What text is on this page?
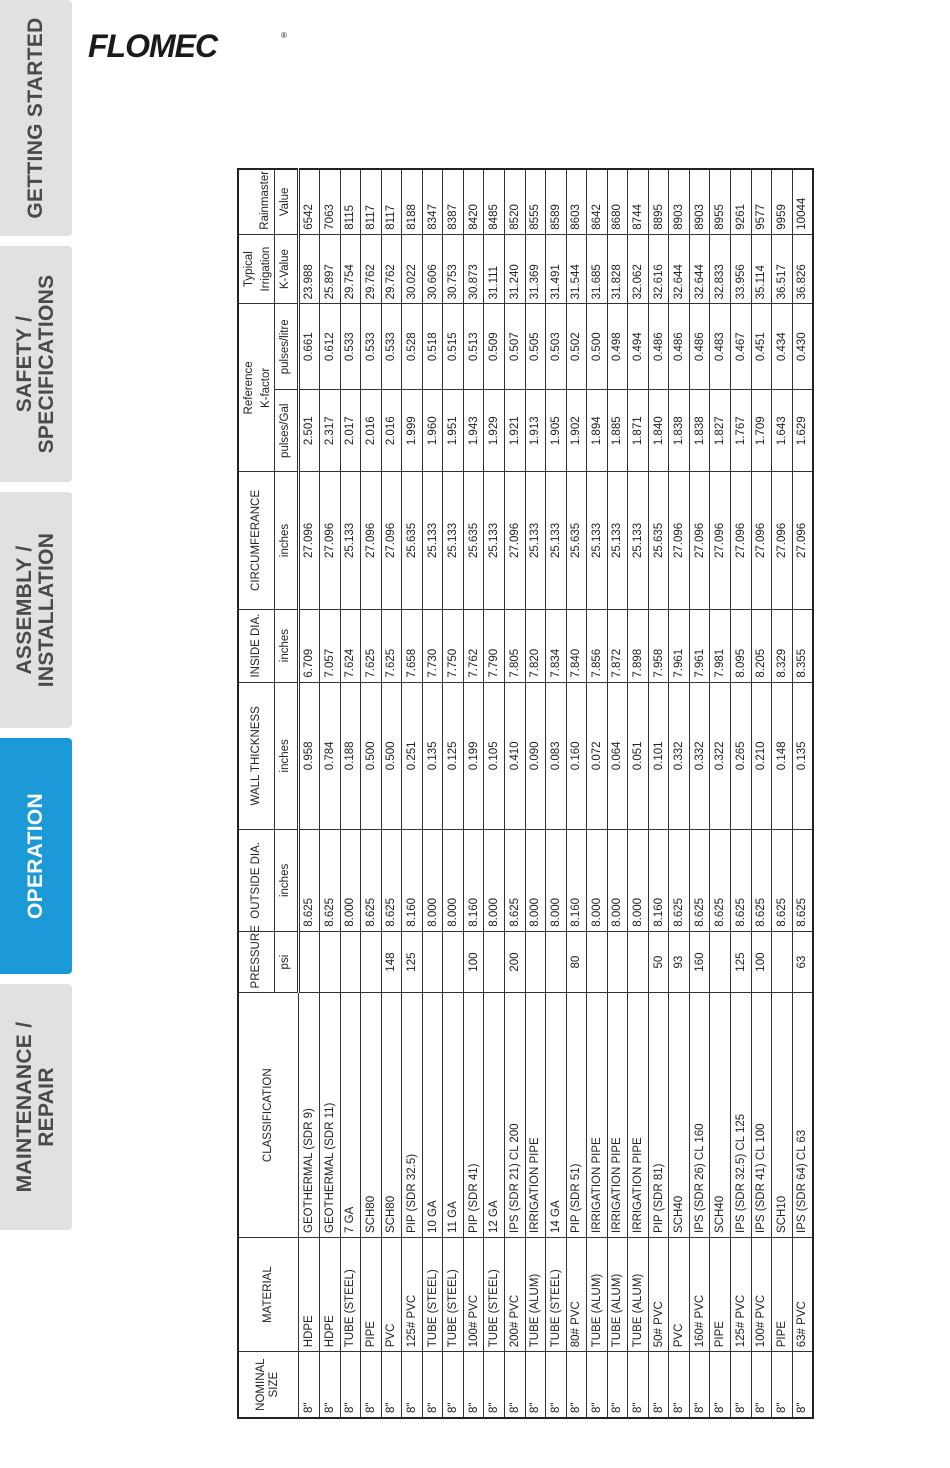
GETTING STARTED
SAFETY /
SPECIFICATIONS
ASSEMBLY /
INSTALLATION
OPERATION
MAINTENANCE /
REPAIR
FLOMEC	®
NOMINAL SIZE	MATERIAL	CLASSIFICATION	PRESSURE	OUTSIDE DIA.	WALL THICKNESS	INSIDE DIA.	CIRCUMFERANCE	Reference		Typical	Rainmaster
								K-factor		Irrigation	
			psi	inches	inches	inches	inches	pulses/Gal	pulses/litre	K-Value	Value
8"	HDPE	GEOTHERMAL (SDR 9)		8.625	0.958	6.709	27.096	2.501	0.661	23.988	6542
8"	HDPE	GEOTHERMAL (SDR 11)		8.625	0.784	7.057	27.096	2.317	0.612	25.897	7063
8"	TUBE (STEEL)	7 GA		8.000	0.188	7.624	25.133	2.017	0.533	29.754	8115
8"	PIPE	SCH80		8.625	0.500	7.625	27.096	2.016	0.533	29.762	8117
8"	PVC	SCH80	148	8.625	0.500	7.625	27.096	2.016	0.533	29.762	8117
8"	125# PVC	PIP (SDR 32.5)	125	8.160	0.251	7.658	25.635	1.999	0.528	30.022	8188
8"	TUBE (STEEL)	10 GA		8.000	0.135	7.730	25.133	1.960	0.518	30.606	8347
8"	TUBE (STEEL)	11 GA		8.000	0.125	7.750	25.133	1.951	0.515	30.753	8387
8"	100# PVC	PIP (SDR 41)	100	8.160	0.199	7.762	25.635	1.943	0.513	30.873	8420
8"	TUBE (STEEL)	12 GA		8.000	0.105	7.790	25.133	1.929	0.509	31.111	8485
8"	200# PVC	IPS (SDR 21) CL 200	200	8.625	0.410	7.805	27.096	1.921	0.507	31.240	8520
8"	TUBE (ALUM)	IRRIGATION PIPE		8.000	0.090	7.820	25.133	1.913	0.505	31.369	8555
8"	TUBE (STEEL)	14 GA		8.000	0.083	7.834	25.133	1.905	0.503	31.491	8589
8"	80# PVC	PIP (SDR 51)	80	8.160	0.160	7.840	25.635	1.902	0.502	31.544	8603
8"	TUBE (ALUM)	IRRIGATION PIPE		8.000	0.072	7.856	25.133	1.894	0.500	31.685	8642
8"	TUBE (ALUM)	IRRIGATION PIPE		8.000	0.064	7.872	25.133	1.885	0.498	31.828	8680
8"	TUBE (ALUM)	IRRIGATION PIPE		8.000	0.051	7.898	25.133	1.871	0.494	32.062	8744
8"	50# PVC	PIP (SDR 81)	50	8.160	0.101	7.958	25.635	1.840	0.486	32.616	8895
8"	PVC	SCH40	93	8.625	0.332	7.961	27.096	1.838	0.486	32.644	8903
8"	160# PVC	IPS (SDR 26) CL 160	160	8.625	0.332	7.961	27.096	1.838	0.486	32.644	8903
8"	PIPE	SCH40		8.625	0.322	7.981	27.096	1.827	0.483	32.833	8955
8"	125# PVC	IPS (SDR 32.5) CL 125	125	8.625	0.265	8.095	27.096	1.767	0.467	33.956	9261
8"	100# PVC	IPS (SDR 41) CL 100	100	8.625	0.210	8.205	27.096	1.709	0.451	35.114	9577
8"	PIPE	SCH10		8.625	0.148	8.329	27.096	1.643	0.434	36.517	9959
8"	63# PVC	IPS (SDR 64) CL 63	63	8.625	0.135	8.355	27.096	1.629	0.430	36.826	10044
